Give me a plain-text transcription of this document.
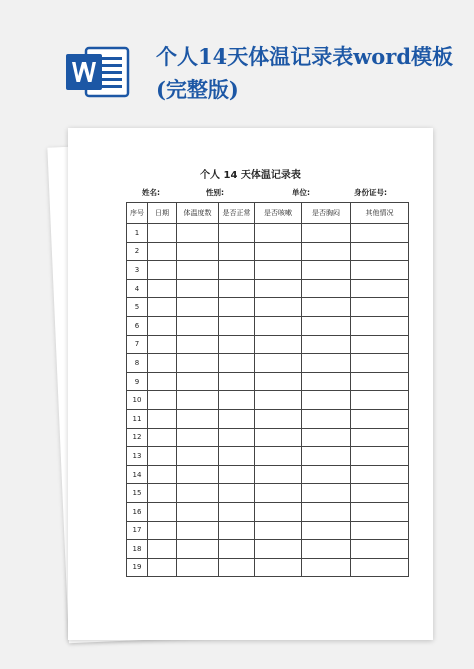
个人14天体温记录表word模板(完整版)
个人 14 天体温记录表
姓名:	性别:	单位:	身份证号:
序号	日期	体温度数	是否正常	是否咳嗽	是否胸闷	其他情况
1						
2						
3						
4						
5						
6						
7						
8						
9						
10						
11						
12						
13						
14						
15						
16						
17						
18						
19						
